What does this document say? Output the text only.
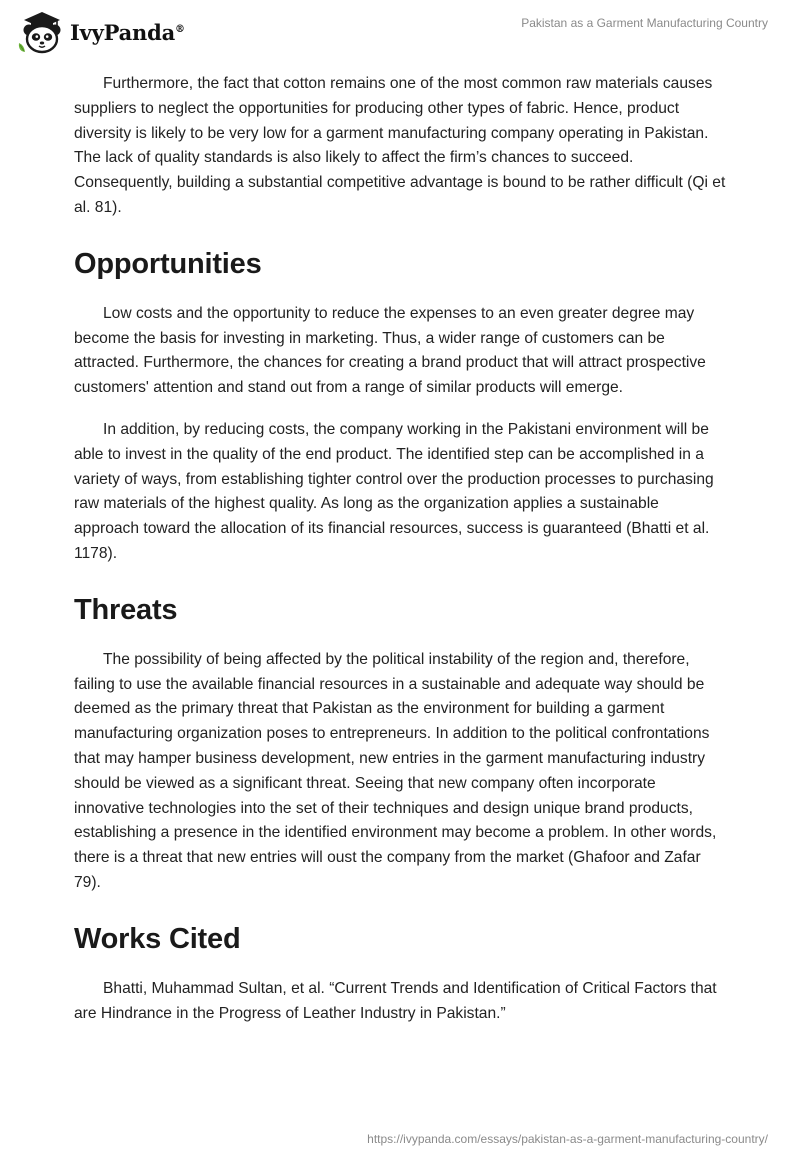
IvyPanda®	Pakistan as a Garment Manufacturing Country

Furthermore, the fact that cotton remains one of the most common raw materials causes suppliers to neglect the opportunities for producing other types of fabric. Hence, product diversity is likely to be very low for a garment manufacturing company operating in Pakistan. The lack of quality standards is also likely to affect the firm’s chances to succeed. Consequently, building a substantial competitive advantage is bound to be rather difficult (Qi et al. 81).

Opportunities

Low costs and the opportunity to reduce the expenses to an even greater degree may become the basis for investing in marketing. Thus, a wider range of customers can be attracted. Furthermore, the chances for creating a brand product that will attract prospective customers' attention and stand out from a range of similar products will emerge.

In addition, by reducing costs, the company working in the Pakistani environment will be able to invest in the quality of the end product. The identified step can be accomplished in a variety of ways, from establishing tighter control over the production processes to purchasing raw materials of the highest quality. As long as the organization applies a sustainable approach toward the allocation of its financial resources, success is guaranteed (Bhatti et al. 1178).

Threats

The possibility of being affected by the political instability of the region and, therefore, failing to use the available financial resources in a sustainable and adequate way should be deemed as the primary threat that Pakistan as the environment for building a garment manufacturing organization poses to entrepreneurs. In addition to the political confrontations that may hamper business development, new entries in the garment manufacturing industry should be viewed as a significant threat. Seeing that new company often incorporate innovative technologies into the set of their techniques and design unique brand products, establishing a presence in the identified environment may become a problem. In other words, there is a threat that new entries will oust the company from the market (Ghafoor and Zafar 79).

Works Cited

Bhatti, Muhammad Sultan, et al. “Current Trends and Identification of Critical Factors that are Hindrance in the Progress of Leather Industry in Pakistan.”

https://ivypanda.com/essays/pakistan-as-a-garment-manufacturing-country/
